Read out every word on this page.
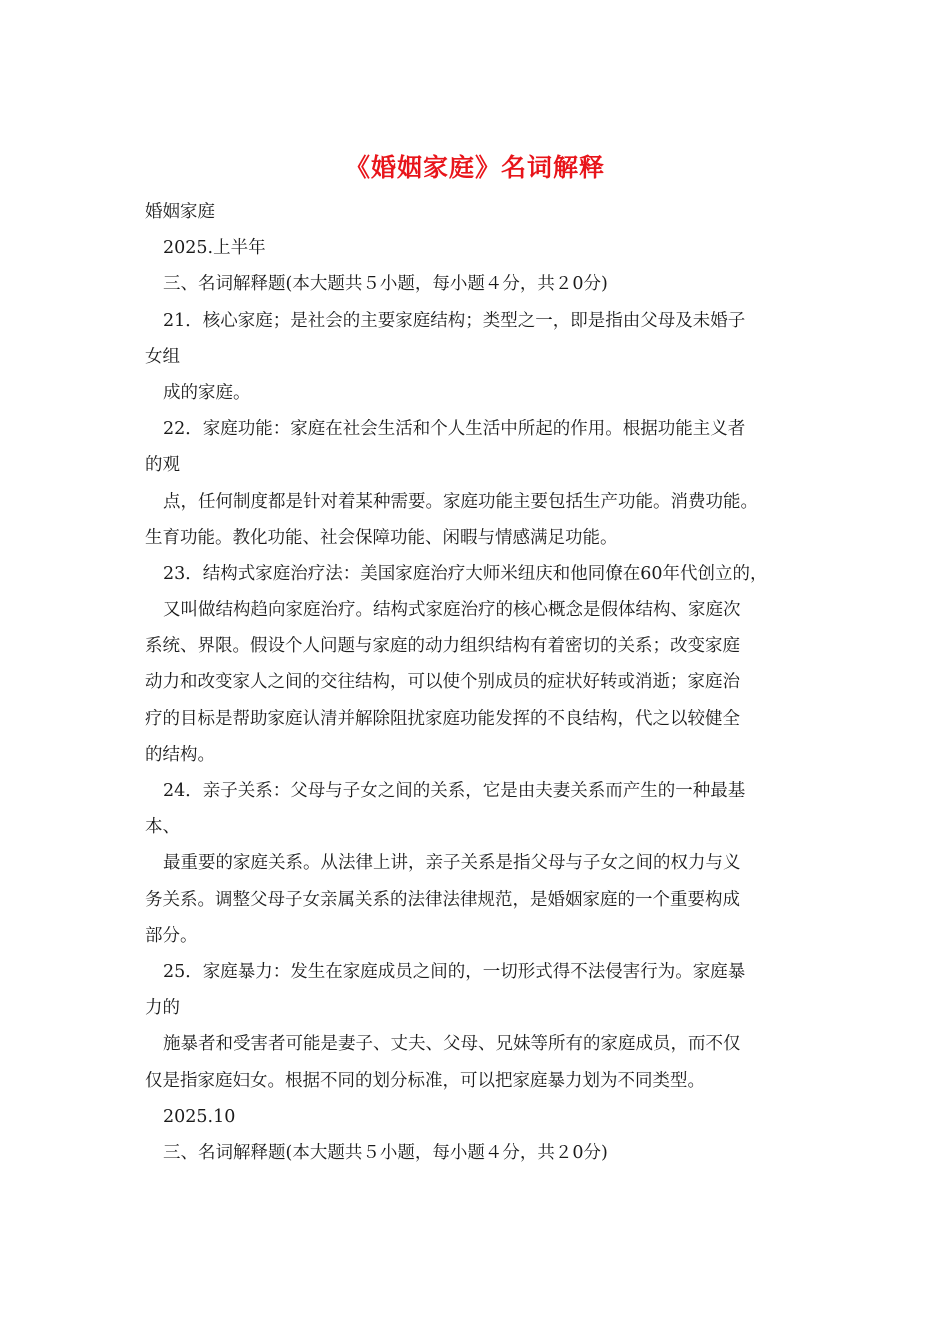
《婚姻家庭》名词解释
婚姻家庭
2025.上半年
三、名词解释题(本大题共５小题，每小题４分，共２0分)
21．核心家庭；是社会的主要家庭结构；类型之一，即是指由父母及未婚子
女组
成的家庭。
22．家庭功能：家庭在社会生活和个人生活中所起的作用。根据功能主义者
的观
点，任何制度都是针对着某种需要。家庭功能主要包括生产功能。消费功能。
生育功能。教化功能、社会保障功能、闲暇与情感满足功能。
23．结构式家庭治疗法：美国家庭治疗大师米纽庆和他同僚在60年代创立的，
又叫做结构趋向家庭治疗。结构式家庭治疗的核心概念是假体结构、家庭次
系统、界限。假设个人问题与家庭的动力组织结构有着密切的关系；改变家庭
动力和改变家人之间的交往结构，可以使个别成员的症状好转或消逝；家庭治
疗的目标是帮助家庭认清并解除阻扰家庭功能发挥的不良结构，代之以较健全
的结构。
24．亲子关系：父母与子女之间的关系，它是由夫妻关系而产生的一种最基
本、
最重要的家庭关系。从法律上讲，亲子关系是指父母与子女之间的权力与义
务关系。调整父母子女亲属关系的法律法律规范，是婚姻家庭的一个重要构成
部分。
25．家庭暴力：发生在家庭成员之间的，一切形式得不法侵害行为。家庭暴
力的
施暴者和受害者可能是妻子、丈夫、父母、兄妹等所有的家庭成员，而不仅
仅是指家庭妇女。根据不同的划分标准，可以把家庭暴力划为不同类型。
2025.10
三、名词解释题(本大题共５小题，每小题４分，共２0分)
